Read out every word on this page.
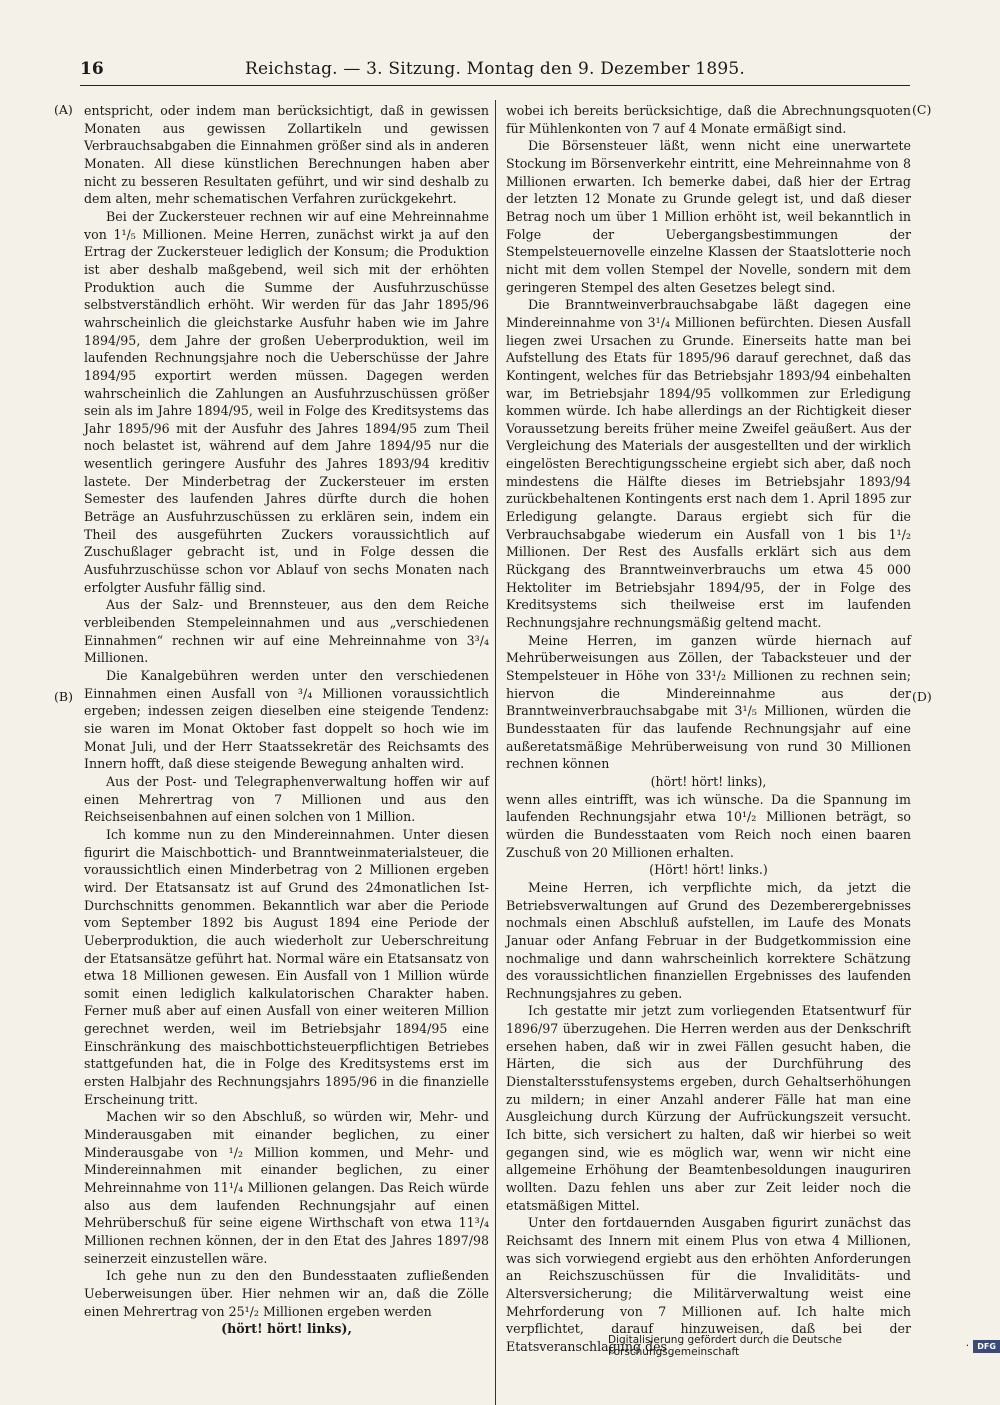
16	Reichstag. — 3. Sitzung. Montag den 9. Dezember 1895.
(A)
(B)
(C)
(D)

entspricht, oder indem man berücksichtigt, daß in gewissen Monaten aus gewissen Zollartikeln und gewissen Verbrauchsabgaben die Einnahmen größer sind als in anderen Monaten. All diese künstlichen Berechnungen haben aber nicht zu besseren Resultaten geführt, und wir sind deshalb zu dem alten, mehr schematischen Verfahren zurückgekehrt.

Bei der Zuckersteuer rechnen wir auf eine Mehreinnahme von 1¹/₅ Millionen. Meine Herren, zunächst wirkt ja auf den Ertrag der Zuckersteuer lediglich der Konsum; die Produktion ist aber deshalb maßgebend, weil sich mit der erhöhten Produktion auch die Summe der Ausfuhrzuschüsse selbstverständlich erhöht. Wir werden für das Jahr 1895/96 wahrscheinlich die gleichstarke Ausfuhr haben wie im Jahre 1894/95, dem Jahre der großen Ueberproduktion, weil im laufenden Rechnungsjahre noch die Ueberschüsse der Jahre 1894/95 exportirt werden müssen. Dagegen werden wahrscheinlich die Zahlungen an Ausfuhrzuschüssen größer sein als im Jahre 1894/95, weil in Folge des Kreditsystems das Jahr 1895/96 mit der Ausfuhr des Jahres 1894/95 zum Theil noch belastet ist, während auf dem Jahre 1894/95 nur die wesentlich geringere Ausfuhr des Jahres 1893/94 kreditiv lastete. Der Minderbetrag der Zuckersteuer im ersten Semester des laufenden Jahres dürfte durch die hohen Beträge an Ausfuhrzuschüssen zu erklären sein, indem ein Theil des ausgeführten Zuckers voraussichtlich auf Zuschußlager gebracht ist, und in Folge dessen die Ausfuhrzuschüsse schon vor Ablauf von sechs Monaten nach erfolgter Ausfuhr fällig sind.

Aus der Salz- und Brennsteuer, aus den dem Reiche verbleibenden Stempeleinnahmen und aus „verschiedenen Einnahmen“ rechnen wir auf eine Mehreinnahme von 3³/₄ Millionen.

Die Kanalgebühren werden unter den verschiedenen Einnahmen einen Ausfall von ³/₄ Millionen voraussichtlich ergeben; indessen zeigen dieselben eine steigende Tendenz: sie waren im Monat Oktober fast doppelt so hoch wie im Monat Juli, und der Herr Staatssekretär des Reichsamts des Innern hofft, daß diese steigende Bewegung anhalten wird.

Aus der Post- und Telegraphenverwaltung hoffen wir auf einen Mehrertrag von 7 Millionen und aus den Reichseisenbahnen auf einen solchen von 1 Million.

Ich komme nun zu den Mindereinnahmen. Unter diesen figurirt die Maischbottich- und Branntweinmaterialsteuer, die voraussichtlich einen Minderbetrag von 2 Millionen ergeben wird. Der Etatsansatz ist auf Grund des 24monatlichen Ist-Durchschnitts genommen. Bekanntlich war aber die Periode vom September 1892 bis August 1894 eine Periode der Ueberproduktion, die auch wiederholt zur Ueberschreitung der Etatsansätze geführt hat. Normal wäre ein Etatsansatz von etwa 18 Millionen gewesen. Ein Ausfall von 1 Million würde somit einen lediglich kalkulatorischen Charakter haben. Ferner muß aber auf einen Ausfall von einer weiteren Million gerechnet werden, weil im Betriebsjahr 1894/95 eine Einschränkung des maischbottichsteuerpflichtigen Betriebes stattgefunden hat, die in Folge des Kreditsystems erst im ersten Halbjahr des Rechnungsjahrs 1895/96 in die finanzielle Erscheinung tritt.

Machen wir so den Abschluß, so würden wir, Mehr- und Minderausgaben mit einander beglichen, zu einer Minderausgabe von ¹/₂ Million kommen, und Mehr- und Mindereinnahmen mit einander beglichen, zu einer Mehreinnahme von 11¹/₄ Millionen gelangen. Das Reich würde also aus dem laufenden Rechnungsjahr auf einen Mehrüberschuß für seine eigene Wirthschaft von etwa 11³/₄ Millionen rechnen können, der in den Etat des Jahres 1897/98 seinerzeit einzustellen wäre.

Ich gehe nun zu den den Bundesstaaten zufließenden Ueberweisungen über. Hier nehmen wir an, daß die Zölle einen Mehrertrag von 25¹/₂ Millionen ergeben werden

(hört! hört! links),

wobei ich bereits berücksichtige, daß die Abrechnungsquoten für Mühlenkonten von 7 auf 4 Monate ermäßigt sind.

Die Börsensteuer läßt, wenn nicht eine unerwartete Stockung im Börsenverkehr eintritt, eine Mehreinnahme von 8 Millionen erwarten. Ich bemerke dabei, daß hier der Ertrag der letzten 12 Monate zu Grunde gelegt ist, und daß dieser Betrag noch um über 1 Million erhöht ist, weil bekanntlich in Folge der Uebergangsbestimmungen der Stempelsteuernovelle einzelne Klassen der Staatslotterie noch nicht mit dem vollen Stempel der Novelle, sondern mit dem geringeren Stempel des alten Gesetzes belegt sind.

Die Branntweinverbrauchsabgabe läßt dagegen eine Mindereinnahme von 3¹/₄ Millionen befürchten. Diesen Ausfall liegen zwei Ursachen zu Grunde. Einerseits hatte man bei Aufstellung des Etats für 1895/96 darauf gerechnet, daß das Kontingent, welches für das Betriebsjahr 1893/94 einbehalten war, im Betriebsjahr 1894/95 vollkommen zur Erledigung kommen würde. Ich habe allerdings an der Richtigkeit dieser Voraussetzung bereits früher meine Zweifel geäußert. Aus der Vergleichung des Materials der ausgestellten und der wirklich eingelösten Berechtigungsscheine ergiebt sich aber, daß noch mindestens die Hälfte dieses im Betriebsjahr 1893/94 zurückbehaltenen Kontingents erst nach dem 1. April 1895 zur Erledigung gelangte. Daraus ergiebt sich für die Verbrauchsabgabe wiederum ein Ausfall von 1 bis 1¹/₂ Millionen. Der Rest des Ausfalls erklärt sich aus dem Rückgang des Branntweinverbrauchs um etwa 45 000 Hektoliter im Betriebsjahr 1894/95, der in Folge des Kreditsystems sich theilweise erst im laufenden Rechnungsjahre rechnungsmäßig geltend macht.

Meine Herren, im ganzen würde hiernach auf Mehrüberweisungen aus Zöllen, der Tabacksteuer und der Stempelsteuer in Höhe von 33¹/₂ Millionen zu rechnen sein; hiervon die Mindereinnahme aus der Branntweinverbrauchsabgabe mit 3¹/₅ Millionen, würden die Bundesstaaten für das laufende Rechnungsjahr auf eine außeretatsmäßige Mehrüberweisung von rund 30 Millionen rechnen können

(hört! hört! links),

wenn alles eintrifft, was ich wünsche. Da die Spannung im laufenden Rechnungsjahr etwa 10¹/₂ Millionen beträgt, so würden die Bundesstaaten vom Reich noch einen baaren Zuschuß von 20 Millionen erhalten.

(Hört! hört! links.)

Meine Herren, ich verpflichte mich, da jetzt die Betriebsverwaltungen auf Grund des Dezemberergebnisses nochmals einen Abschluß aufstellen, im Laufe des Monats Januar oder Anfang Februar in der Budgetkommission eine nochmalige und dann wahrscheinlich korrektere Schätzung des voraussichtlichen finanziellen Ergebnisses des laufenden Rechnungsjahres zu geben.

Ich gestatte mir jetzt zum vorliegenden Etatsentwurf für 1896/97 überzugehen. Die Herren werden aus der Denkschrift ersehen haben, daß wir in zwei Fällen gesucht haben, die Härten, die sich aus der Durchführung des Dienstaltersstufensystems ergeben, durch Gehaltserhöhungen zu mildern; in einer Anzahl anderer Fälle hat man eine Ausgleichung durch Kürzung der Aufrückungszeit versucht. Ich bitte, sich versichert zu halten, daß wir hierbei so weit gegangen sind, wie es möglich war, wenn wir nicht eine allgemeine Erhöhung der Beamtenbesoldungen inauguriren wollten. Dazu fehlen uns aber zur Zeit leider noch die etatsmäßigen Mittel.

Unter den fortdauernden Ausgaben figurirt zunächst das Reichsamt des Innern mit einem Plus von etwa 4 Millionen, was sich vorwiegend ergiebt aus den erhöhten Anforderungen an Reichszuschüssen für die Invaliditäts- und Altersversicherung; die Militärverwaltung weist eine Mehrforderung von 7 Millionen auf. Ich halte mich verpflichtet, darauf hinzuweisen, daß bei der Etatsveranschlagung des

Digitalisierung gefördert durch die Deutsche Forschungsgemeinschaft	·	DFG
